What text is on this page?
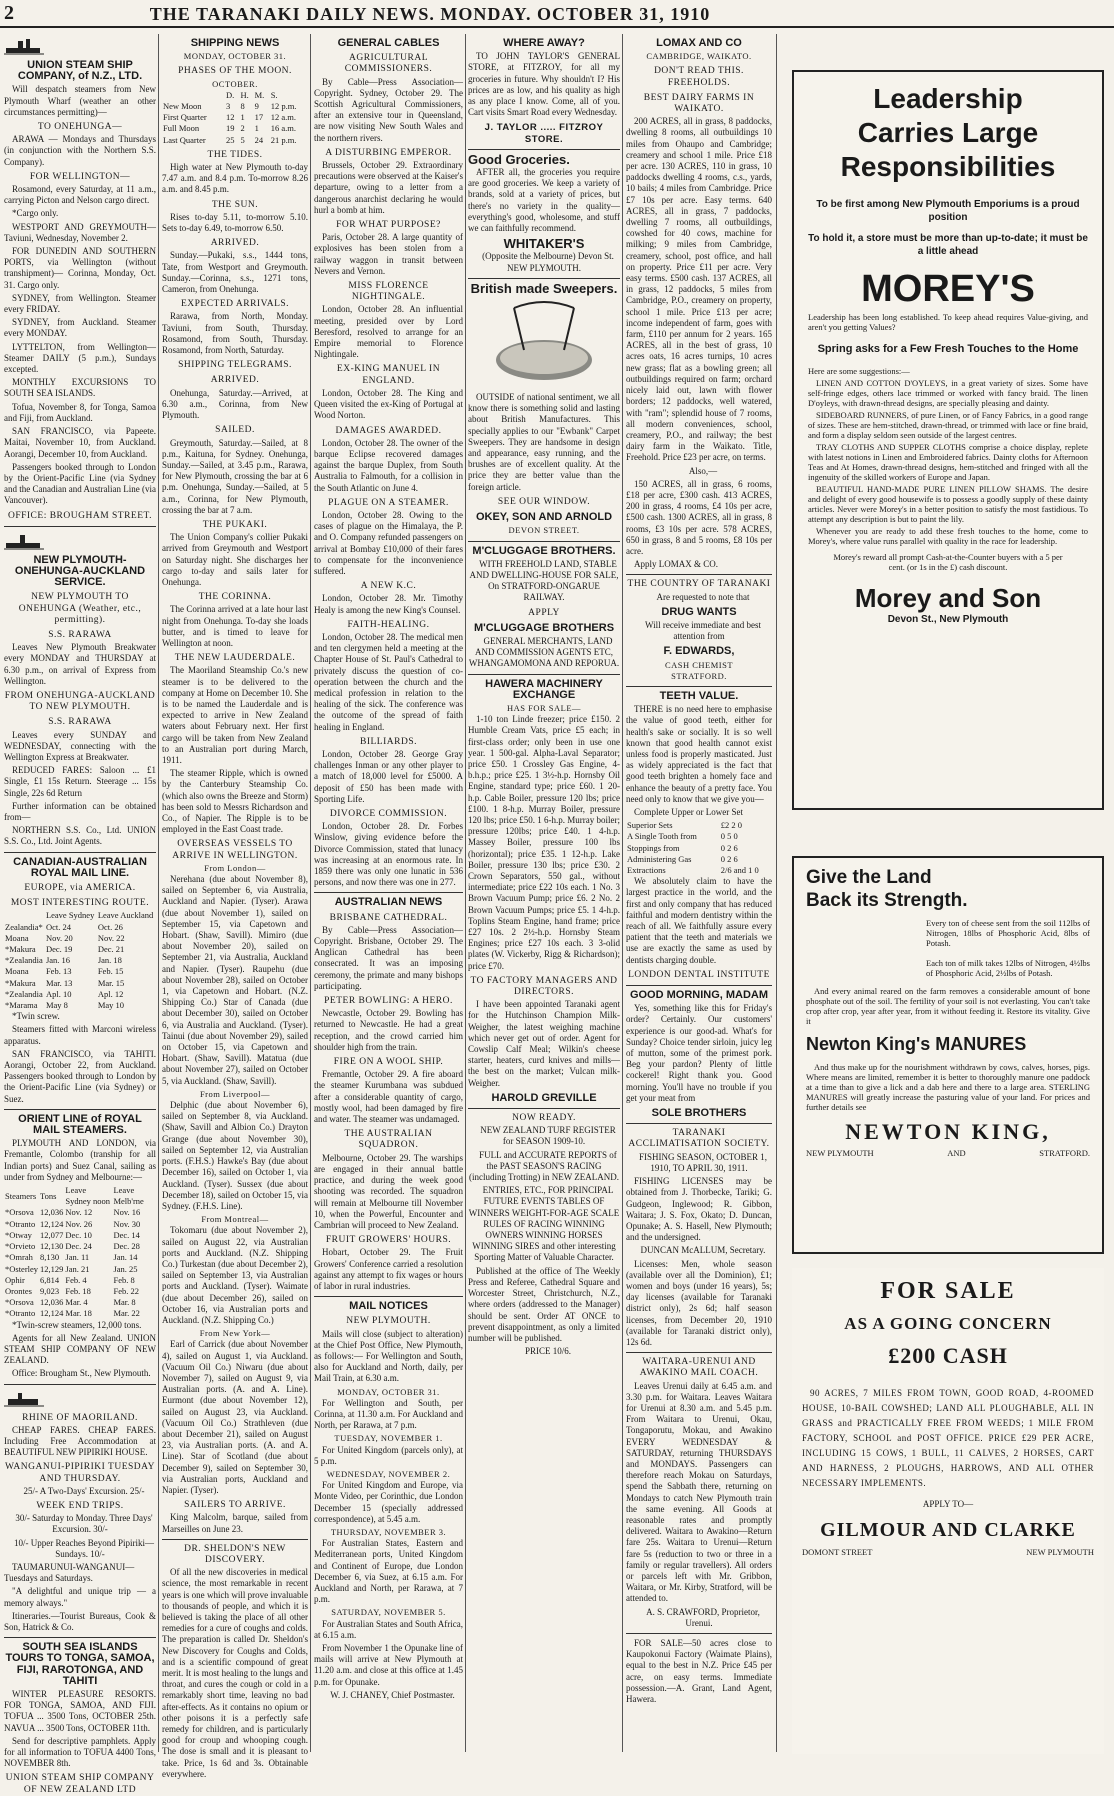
2	THE TARANAKI DAILY NEWS. MONDAY. OCTOBER 31, 1910
UNION STEAM SHIP COMPANY, of N.Z., LTD.

Will despatch steamers from New Plymouth Wharf (weather an other circumstances permitting)—

TO ONEHUNGA—

ARAWA — Mondays and Thursdays (in conjunction with the Northern S.S. Company).

FOR WELLINGTON—

Rosamond, every Saturday, at 11 a.m., carrying Picton and Nelson cargo direct.

*Cargo only.

WESTPORT AND GREYMOUTH— Taviuni, Wednesday, November 2.

FOR DUNEDIN AND SOUTHERN PORTS, via Wellington (without transhipment)— Corinna, Monday, Oct. 31. Cargo only.

SYDNEY, from Wellington. Steamer every FRIDAY.

SYDNEY, from Auckland. Steamer every MONDAY.

LYTTELTON, from Wellington— Steamer DAILY (5 p.m.), Sundays excepted.

MONTHLY EXCURSIONS TO SOUTH SEA ISLANDS.

Tofua, November 8, for Tonga, Samoa and Fiji, from Auckland.

SAN FRANCISCO, via Papeete. Maitai, November 10, from Auckland. Aorangi, December 10, from Auckland.

Passengers booked through to London by the Orient-Pacific Line (via Sydney and the Canadian and Australian Line (via Vancouver).

OFFICE: BROUGHAM STREET.
NEW PLYMOUTH-ONEHUNGA-AUCKLAND SERVICE.
NEW PLYMOUTH TO ONEHUNGA (Weather, etc., permitting).
S.S. RARAWA

Leaves New Plymouth Breakwater every MONDAY and THURSDAY at 6.30 p.m., on arrival of Express from Wellington.

FROM ONEHUNGA-AUCKLAND TO NEW PLYMOUTH.
S.S. RARAWA

Leaves every SUNDAY and WEDNESDAY, connecting with the Wellington Express at Breakwater.

REDUCED FARES: Saloon ... £1 Single, £1 15s Return. Steerage ... 15s Single, 22s 6d Return

Further information can be obtained from—

NORTHERN S.S. Co., Ltd. UNION S.S. Co., Ltd. Joint Agents.

CANADIAN-AUSTRALIAN ROYAL MAIL LINE.
EUROPE, via AMERICA.
MOST INTERESTING ROUTE.
	Leave Sydney	Leave Auckland
Zealandia*	Oct. 24	Oct. 26
Moana	Nov. 20	Nov. 22
*Makura	Dec. 19	Dec. 21
*Zealandia	Jan. 16	Jan. 18
Moana	Feb. 13	Feb. 15
*Makura	Mar. 13	Mar. 15
*Zealandia	Apl. 10	Apl. 12
*Marama	May 8	May 10

*Twin screw.

Steamers fitted with Marconi wireless apparatus.

SAN FRANCISCO, via TAHITI. Aorangi, October 22, from Auckland. Passengers booked through to London by the Orient-Pacific Line (via Sydney) or Suez.

ORIENT LINE of ROYAL MAIL STEAMERS.

PLYMOUTH AND LONDON, via Fremantle, Colombo (tranship for all Indian ports) and Suez Canal, sailing as under from Sydney and Melbourne:—

Steamers	Tons	Leave Sydney noon	Leave Melb'rne
*Orsova	12,036	Nov. 12	Nov. 16
*Otranto	12,124	Nov. 26	Nov. 30
*Otway	12,077	Dec. 10	Dec. 14
*Orvieto	12,130	Dec. 24	Dec. 28
*Omrah	8,130	Jan. 11	Jan. 14
*Osterley	12,129	Jan. 21	Jan. 25
Ophir	6,814	Feb. 4	Feb. 8
Orontes	9,023	Feb. 18	Feb. 22
*Orsova	12,036	Mar. 4	Mar. 8
*Otranto	12,124	Mar. 18	Mar. 22

*Twin-screw steamers, 12,000 tons.

Agents for all New Zealand. UNION STEAM SHIP COMPANY OF NEW ZEALAND.

Office: Brougham St., New Plymouth.

RHINE OF MAORILAND.

CHEAP FARES. CHEAP FARES. Including Free Accommodation at BEAUTIFUL NEW PIPIRIKI HOUSE.

WANGANUI-PIPIRIKI TUESDAY AND THURSDAY.

25/- A Two-Days' Excursion. 25/-

WEEK END TRIPS.

30/- Saturday to Monday. Three Days' Excursion. 30/-

10/- Upper Reaches Beyond Pipiriki—Sundays. 10/-

TAUMARUNUI-WANGANUI— Tuesdays and Saturdays.

"A delightful and unique trip — a memory always."

Itineraries.—Tourist Bureaus, Cook & Son, Hatrick & Co.

SOUTH SEA ISLANDS TOURS TO TONGA, SAMOA, FIJI, RAROTONGA, AND TAHITI

WINTER PLEASURE RESORTS. FOR TONGA, SAMOA, AND FIJI. TOFUA ... 3500 Tons, OCTOBER 25th. NAVUA ... 3500 Tons, OCTOBER 11th.

Send for descriptive pamphlets. Apply for all information to TOFUA 4400 Tons, NOVEMBER 8th.

UNION STEAM SHIP COMPANY OF NEW ZEALAND LTD
SHIPPING NEWS
MONDAY, OCTOBER 31.
PHASES OF THE MOON.
OCTOBER.
	D.	H.	M.	S.
New Moon	3	8	9	12 p.m.
First Quarter	12	1	17	12 a.m.
Full Moon	19	2	1	16 a.m.
Last Quarter	25	5	24	21 p.m.
THE TIDES.

High water at New Plymouth to-day 7.47 a.m. and 8.4 p.m. To-morrow 8.26 a.m. and 8.45 p.m.

THE SUN.

Rises to-day 5.11, to-morrow 5.10. Sets to-day 6.49, to-morrow 6.50.

ARRIVED.

Sunday.—Pukaki, s.s., 1444 tons, Tate, from Westport and Greymouth. Sunday.—Corinna, s.s., 1271 tons, Cameron, from Onehunga.

EXPECTED ARRIVALS.

Rarawa, from North, Monday. Taviuni, from South, Thursday. Rosamond, from South, Thursday. Rosamond, from North, Saturday.

SHIPPING TELEGRAMS.
ARRIVED.

Onehunga, Saturday.—Arrived, at 6.30 a.m., Corinna, from New Plymouth.

SAILED.

Greymouth, Saturday.—Sailed, at 8 p.m., Kaituna, for Sydney. Onehunga, Sunday.—Sailed, at 3.45 p.m., Rarawa, for New Plymouth, crossing the bar at 6 p.m. Onehunga, Sunday.—Sailed, at 5 a.m., Corinna, for New Plymouth, crossing the bar at 7 a.m.

THE PUKAKI.

The Union Company's collier Pukaki arrived from Greymouth and Westport on Saturday night. She discharges her cargo to-day and sails later for Onehunga.

THE CORINNA.

The Corinna arrived at a late hour last night from Onehunga. To-day she loads butter, and is timed to leave for Wellington at noon.

THE NEW LAUDERDALE.

The Maoriland Steamship Co.'s new steamer is to be delivered to the company at Home on December 10. She is to be named the Lauderdale and is expected to arrive in New Zealand waters about February next. Her first cargo will be taken from New Zealand to an Australian port during March, 1911.

The steamer Ripple, which is owned by the Canterbury Steamship Co. (which also owns the Breeze and Storm) has been sold to Messrs Richardson and Co., of Napier. The Ripple is to be employed in the East Coast trade.

OVERSEAS VESSELS TO ARRIVE IN WELLINGTON.
From London—

Nerehana (due about November 8), sailed on September 6, via Australia, Auckland and Napier. (Tyser). Arawa (due about November 1), sailed on September 15, via Capetown and Hobart. (Shaw, Savill). Mimiro (due about November 20), sailed on September 21, via Australia, Auckland and Napier. (Tyser). Raupehu (due about November 28), sailed on October 1, via Capetown and Hobart. (N.Z. Shipping Co.) Star of Canada (due about December 30), sailed on October 6, via Australia and Auckland. (Tyser). Tainui (due about November 29), sailed on October 15, via Capetown and Hobart. (Shaw, Savill). Matatua (due about November 27), sailed on October 5, via Auckland. (Shaw, Savill).

From Liverpool—

Delphic (due about November 6), sailed on September 8, via Auckland. (Shaw, Savill and Albion Co.) Drayton Grange (due about November 30), sailed on September 12, via Australian ports. (F.H.S.) Hawke's Bay (due about December 16), sailed on October 1, via Auckland. (Tyser). Sussex (due about December 18), sailed on October 15, via Sydney. (F.H.S. Line).

From Montreal—

Tokomaru (due about November 2), sailed on August 22, via Australian ports and Auckland. (N.Z. Shipping Co.) Turkestan (due about December 2), sailed on September 13, via Australian ports and Auckland. (Tyser). Waimate (due about December 26), sailed on October 16, via Australian ports and Auckland. (N.Z. Shipping Co.)

From New York—

Earl of Carrick (due about November 4), sailed on August 1, via Auckland. (Vacuum Oil Co.) Niwaru (due about November 7), sailed on August 9, via Australian ports. (A. and A. Line). Eurmont (due about November 12), sailed on August 23, via Auckland. (Vacuum Oil Co.) Strathleven (due about December 21), sailed on August 23, via Australian ports. (A. and A. Line). Star of Scotland (due about December 9), sailed on September 30, via Australian ports, Auckland and Napier. (Tyser).

SAILERS TO ARRIVE.

King Malcolm, barque, sailed from Marseilles on June 23.

DR. SHELDON'S NEW DISCOVERY.

Of all the new discoveries in medical science, the most remarkable in recent years is one which will prove invaluable to thousands of people, and which it is believed is taking the place of all other remedies for a cure of coughs and colds. The preparation is called Dr. Sheldon's New Discovery for Coughs and Colds, and is a scientific compound of great merit. It is most healing to the lungs and throat, and cures the cough or cold in a remarkably short time, leaving no bad after-effects. As it contains no opium or other poisons it is a perfectly safe remedy for children, and is particularly good for croup and whooping cough. The dose is small and it is pleasant to take. Price, 1s 6d and 3s. Obtainable everywhere.

GENERAL CABLES
AGRICULTURAL COMMISSIONERS.

By Cable—Press Association—Copyright. Sydney, October 29. The Scottish Agricultural Commissioners, after an extensive tour in Queensland, are now visiting New South Wales and the northern rivers.

A DISTURBING EMPEROR.

Brussels, October 29. Extraordinary precautions were observed at the Kaiser's departure, owing to a letter from a dangerous anarchist declaring he would hurl a bomb at him.

FOR WHAT PURPOSE?

Paris, October 28. A large quantity of explosives has been stolen from a railway waggon in transit between Nevers and Vernon.

MISS FLORENCE NIGHTINGALE.

London, October 28. An influential meeting, presided over by Lord Beresford, resolved to arrange for an Empire memorial to Florence Nightingale.

EX-KING MANUEL IN ENGLAND.

London, October 28. The King and Queen visited the ex-King of Portugal at Wood Norton.

DAMAGES AWARDED.

London, October 28. The owner of the barque Eclipse recovered damages against the barque Duplex, from South Australia to Falmouth, for a collision in the South Atlantic on June 4.

PLAGUE ON A STEAMER.

London, October 28. Owing to the cases of plague on the Himalaya, the P. and O. Company refunded passengers on arrival at Bombay £10,000 of their fares to compensate for the inconvenience suffered.

A NEW K.C.

London, October 28. Mr. Timothy Healy is among the new King's Counsel.

FAITH-HEALING.

London, October 28. The medical men and ten clergymen held a meeting at the Chapter House of St. Paul's Cathedral to privately discuss the question of co-operation between the church and the medical profession in relation to the healing of the sick. The conference was the outcome of the spread of faith healing in England.

BILLIARDS.

London, October 28. George Gray challenges Inman or any other player to a match of 18,000 level for £5000. A deposit of £50 has been made with Sporting Life.

DIVORCE COMMISSION.

London, October 28. Dr. Forbes Winslow, giving evidence before the Divorce Commission, stated that lunacy was increasing at an enormous rate. In 1859 there was only one lunatic in 536 persons, and now there was one in 277.

AUSTRALIAN NEWS
BRISBANE CATHEDRAL.

By Cable—Press Association—Copyright. Brisbane, October 29. The Anglican Cathedral has been consecrated. It was an imposing ceremony, the primate and many bishops participating.

PETER BOWLING: A HERO.

Newcastle, October 29. Bowling has returned to Newcastle. He had a great reception, and the crowd carried him shoulder high from the train.

FIRE ON A WOOL SHIP.

Fremantle, October 29. A fire aboard the steamer Kurumbana was subdued after a considerable quantity of cargo, mostly wool, had been damaged by fire and water. The steamer was undamaged.

THE AUSTRALIAN SQUADRON.

Melbourne, October 29. The warships are engaged in their annual battle practice, and during the week good shooting was recorded. The squadron will remain at Melbourne till November 10, when the Powerful, Encounter and Cambrian will proceed to New Zealand.

FRUIT GROWERS' HOURS.

Hobart, October 29. The Fruit Growers' Conference carried a resolution against any attempt to fix wages or hours of labor in rural industries.

MAIL NOTICES
NEW PLYMOUTH.

Mails will close (subject to alteration) at the Chief Post Office, New Plymouth, as follows:— For Wellington and South, also for Auckland and North, daily, per Mail Train, at 6.30 a.m.

MONDAY, OCTOBER 31.

For Wellington and South, per Corinna, at 11.30 a.m. For Auckland and North, per Rarawa, at 7 p.m.

TUESDAY, NOVEMBER 1.

For United Kingdom (parcels only), at 5 p.m.

WEDNESDAY, NOVEMBER 2.

For United Kingdom and Europe, via Monte Video, per Corinthic, due London December 15 (specially addressed correspondence), at 5.45 a.m.

THURSDAY, NOVEMBER 3.

For Australian States, Eastern and Mediterranean ports, United Kingdom and Continent of Europe, due London December 6, via Suez, at 6.15 a.m. For Auckland and North, per Rarawa, at 7 p.m.

SATURDAY, NOVEMBER 5.

For Australian States and South Africa, at 6.15 a.m.

From November 1 the Opunake line of mails will arrive at New Plymouth at 11.20 a.m. and close at this office at 1.45 p.m. for Opunake.

W. J. CHANEY, Chief Postmaster.

WHERE AWAY?

TO JOHN TAYLOR'S GENERAL STORE, at FITZROY, for all my groceries in future. Why shouldn't I? His prices are as low, and his quality as high as any place I know. Come, all of you. Cart visits Smart Road every Wednesday.

J. TAYLOR ..... FITZROY STORE.
Good Groceries.

AFTER all, the groceries you require are good groceries. We keep a variety of brands, sold at a variety of prices, but there's no variety in the quality—everything's good, wholesome, and stuff we can faithfully recommend.

WHITAKER'S

(Opposite the Melbourne) Devon St. NEW PLYMOUTH.

British made Sweepers.

OUTSIDE of national sentiment, we all know there is something solid and lasting about British Manufactures. This specially applies to our "Ewbank" Carpet Sweepers. They are handsome in design and appearance, easy running, and the brushes are of excellent quality. At the price they are better value than the foreign article.

SEE OUR WINDOW.
OKEY, SON AND ARNOLD
DEVON STREET.
M'CLUGGAGE BROTHERS.

WITH FREEHOLD LAND, STABLE AND DWELLING-HOUSE FOR SALE, On STRATFORD-ONGARUE RAILWAY.

APPLY
M'CLUGGAGE BROTHERS

GENERAL MERCHANTS, LAND AND COMMISSION AGENTS ETC, WHANGAMOMONA AND REPORUA.

HAWERA MACHINERY EXCHANGE
HAS FOR SALE—

1-10 ton Linde freezer; price £150. 2 Humble Cream Vats, price £5 each; in first-class order; only been in use one year. 1 500-gal. Alpha-Laval Separator; price £50. 1 Crossley Gas Engine, 4-b.h.p.; price £25. 1 3½-h.p. Hornsby Oil Engine, standard type; price £60. 1 20-h.p. Cable Boiler, pressure 120 lbs; price £100. 1 8-h.p. Murray Boiler, pressure 120 lbs; price £50. 1 6-h.p. Murray boiler; pressure 120lbs; price £40. 1 4-h.p. Massey Boiler, pressure 100 lbs (horizontal); price £35. 1 12-h.p. Lake Boiler, pressure 130 lbs; price £30. 2 Crown Separators, 550 gal., without intermediate; price £22 10s each. 1 No. 3 Brown Vacuum Pump; price £6. 2 No. 2 Brown Vacuum Pumps; price £5. 1 4-h.p. Toplins Steam Engine, hand frame; price £27 10s. 2 2½-h.p. Hornsby Steam Engines; price £27 10s each. 3 3-olid plates (W. Vickerby, Rigg & Richardson); price £70.

TO FACTORY MANAGERS AND DIRECTORS.

I have been appointed Taranaki agent for the Hutchinson Champion Milk-Weigher, the latest weighing machine which never get out of order. Agent for Cowslip Calf Meal; Wilkin's cheese starter, heaters, curd knives and mills—the best on the market; Vulcan milk-Weigher.

HAROLD GREVILLE
NOW READY.

NEW ZEALAND TURF REGISTER for SEASON 1909-10.

FULL and ACCURATE REPORTS of the PAST SEASON'S RACING (including Trotting) in NEW ZEALAND.

ENTRIES, ETC., FOR PRINCIPAL FUTURE EVENTS TABLES OF WINNERS WEIGHT-FOR-AGE SCALE RULES OF RACING WINNING OWNERS WINNING HORSES WINNING SIRES and other interesting Sporting Matter of Valuable Character.

Published at the office of The Weekly Press and Referee, Cathedral Square and Worcester Street, Christchurch, N.Z., where orders (addressed to the Manager) should be sent. Order AT ONCE to prevent disappointment, as only a limited number will be published.

PRICE 10/6.

LOMAX AND CO
CAMBRIDGE, WAIKATO.
DON'T READ THIS. FREEHOLDS.
BEST DAIRY FARMS IN WAIKATO.

200 ACRES, all in grass, 8 paddocks, dwelling 8 rooms, all outbuildings 10 miles from Ohaupo and Cambridge; creamery and school 1 mile. Price £18 per acre. 130 ACRES, 110 in grass, 10 paddocks dwelling 4 rooms, c.s., yards, 10 bails; 4 miles from Cambridge. Price £7 10s per acre. Easy terms. 640 ACRES, all in grass, 7 paddocks, dwelling 7 rooms, all outbuildings, cowshed for 40 cows, machine for milking; 9 miles from Cambridge, creamery, school, post office, and hall on property. Price £11 per acre. Very easy terms. £500 cash. 137 ACRES, all in grass, 12 paddocks, 5 miles from Cambridge, P.O., creamery on property, school 1 mile. Price £13 per acre; income independent of farm, goes with farm, £110 per annum for 2 years. 165 ACRES, all in the best of grass, 10 acres oats, 16 acres turnips, 10 acres new grass; flat as a bowling green; all outbuildings required on farm; orchard nicely laid out, lawn with flower borders; 12 paddocks, well watered, with "ram"; splendid house of 7 rooms, all modern conveniences, school, creamery, P.O., and railway; the best dairy farm in the Waikato. Title, Freehold. Price £23 per acre, on terms.

Also,—

150 ACRES, all in grass, 6 rooms, £18 per acre, £300 cash. 413 ACRES, 200 in grass, 4 rooms, £4 10s per acre, £500 cash. 1300 ACRES, all in grass, 8 rooms, £3 10s per acre. 578 ACRES, 650 in grass, 8 and 5 rooms, £8 10s per acre.

Apply LOMAX & CO.

THE COUNTRY OF TARANAKI

Are requested to note that

DRUG WANTS

Will receive immediate and best attention from

F. EDWARDS,
CASH CHEMIST
STRATFORD.
TEETH VALUE.

THERE is no need here to emphasise the value of good teeth, either for health's sake or socially. It is so well known that good health cannot exist unless food is properly masticated. Just as widely appreciated is the fact that good teeth brighten a homely face and enhance the beauty of a pretty face. You need only to know that we give you—

Complete Upper or Lower Set

Superior Sets	£2 2 0
A Single Tooth from	0 5 0
Stoppings from	0 2 6
Administering Gas	0 2 6
Extractions	2/6 and 1 0

We absolutely claim to have the largest practice in the world, and the first and only company that has reduced faithful and modern dentistry within the reach of all. We faithfully assure every patient that the teeth and materials we use are exactly the same as used by dentists charging double.

LONDON DENTAL INSTITUTE
GOOD MORNING, MADAM

Yes, something like this for Friday's order? Certainly. Our customers' experience is our good-ad. What's for Sunday? Choice tender sirloin, juicy leg of mutton, some of the primest pork. Beg your pardon? Plenty of little cockerel! Right thank you. Good morning. You'll have no trouble if you get your meat from

SOLE BROTHERS
TARANAKI ACCLIMATISATION SOCIETY.

FISHING SEASON, OCTOBER 1, 1910, TO APRIL 30, 1911.

FISHING LICENSES may be obtained from J. Thorbecke, Tariki; G. Gudgeon, Inglewood; R. Gibbon, Waitara; J. S. Fox, Okato; D. Duncan, Opunake; A. S. Hasell, New Plymouth; and the undersigned.

DUNCAN McALLUM, Secretary.

Licenses: Men, whole season (available over all the Dominion), £1; women and boys (under 16 years), 5s; day licenses (available for Taranaki district only), 2s 6d; half season licenses, from December 20, 1910 (available for Taranaki district only), 12s 6d.

WAITARA-URENUI AND AWAKINO MAIL COACH.

Leaves Urenui daily at 6.45 a.m. and 3.30 p.m. for Waitara. Leaves Waitara for Urenui at 8.30 a.m. and 5.45 p.m. From Waitara to Urenui, Okau, Tongaporutu, Mokau, and Awakino EVERY WEDNESDAY & SATURDAY, returning THURSDAYS and MONDAYS. Passengers can therefore reach Mokau on Saturdays, spend the Sabbath there, returning on Mondays to catch New Plymouth train the same evening. All Goods at reasonable rates and promptly delivered. Waitara to Awakino—Return fare 25s. Waitara to Urenui—Return fare 5s (reduction to two or three in a family or regular travellers). All orders or parcels left with Mr. Gribbon, Waitara, or Mr. Kirby, Stratford, will be attended to.

A. S. CRAWFORD, Proprietor, Urenui.

FOR SALE—50 acres close to Kaupokonui Factory (Waimate Plains), equal to the best in N.Z. Price £45 per acre, on easy terms. Immediate possession.—A. Grant, Land Agent, Hawera.

Leadership
Carries Large
Responsibilities

To be first among New Plymouth Emporiums is a proud position

To hold it, a store must be more than up-to-date; it must be a little ahead

MOREY'S

Leadership has been long established. To keep ahead requires Value-giving, and aren't you getting Values?

Spring asks for a Few Fresh Touches to the Home

Here are some suggestions:—

LINEN AND COTTON D'OYLEYS, in a great variety of sizes. Some have self-fringe edges, others lace trimmed or worked with fancy braid. The linen D'oyleys, with drawn-thread designs, are specially pleasing and dainty.

SIDEBOARD RUNNERS, of pure Linen, or of Fancy Fabrics, in a good range of sizes. These are hem-stitched, drawn-thread, or trimmed with lace or fine braid, and form a display seldom seen outside of the largest centres.

TRAY CLOTHS AND SUPPER CLOTHS comprise a choice display, replete with latest notions in Linen and Embroidered fabrics. Dainty cloths for Afternoon Teas and At Homes, drawn-thread designs, hem-stitched and fringed with all the ingenuity of the skilled workers of Europe and Japan.

BEAUTIFUL HAND-MADE PURE LINEN PILLOW SHAMS. The desire and delight of every good housewife is to possess a goodly supply of these dainty articles. Never were Morey's in a better position to satisfy the most fastidious. To attempt any description is but to paint the lily.

Whenever you are ready to add these fresh touches to the home, come to Morey's, where value runs parallel with quality in the race for leadership.

Morey's reward all prompt Cash-at-the-Counter buyers with a 5 per cent. (or 1s in the £) cash discount.

Morey and Son
Devon St., New Plymouth
Give the Land
Back its Strength.

Every ton of cheese sent from the soil 112lbs of Nitrogen, 18lbs of Phosphoric Acid, 8lbs of Potash.

Each ton of milk takes 12lbs of Nitrogen, 4½lbs of Phosphoric Acid, 2½lbs of Potash.

And every animal reared on the farm removes a considerable amount of bone phosphate out of the soil. The fertility of your soil is not everlasting. You can't take crop after crop, year after year, from it without feeding it. Restore its vitality. Give it

Newton King's MANURES

And thus make up for the nourishment withdrawn by cows, calves, horses, pigs. Where means are limited, remember it is better to thoroughly manure one paddock at a time than to give a lick and a dab here and there to a large area. STERLING MANURES will greatly increase the pasturing value of your land. For prices and further details see

NEWTON KING,
NEW PLYMOUTH	AND	STRATFORD.
FOR SALE
AS A GOING CONCERN
£200 CASH

90 ACRES, 7 MILES FROM TOWN, GOOD ROAD, 4-ROOMED HOUSE, 10-BAIL COWSHED; LAND ALL PLOUGHABLE, ALL IN GRASS and PRACTICALLY FREE FROM WEEDS; 1 MILE FROM FACTORY, SCHOOL and POST OFFICE. PRICE £29 PER ACRE, INCLUDING 15 COWS, 1 BULL, 11 CALVES, 2 HORSES, CART AND HARNESS, 2 PLOUGHS, HARROWS, AND ALL OTHER NECESSARY IMPLEMENTS.

APPLY TO—

GILMOUR AND CLARKE
DOMONT STREET	NEW PLYMOUTH
